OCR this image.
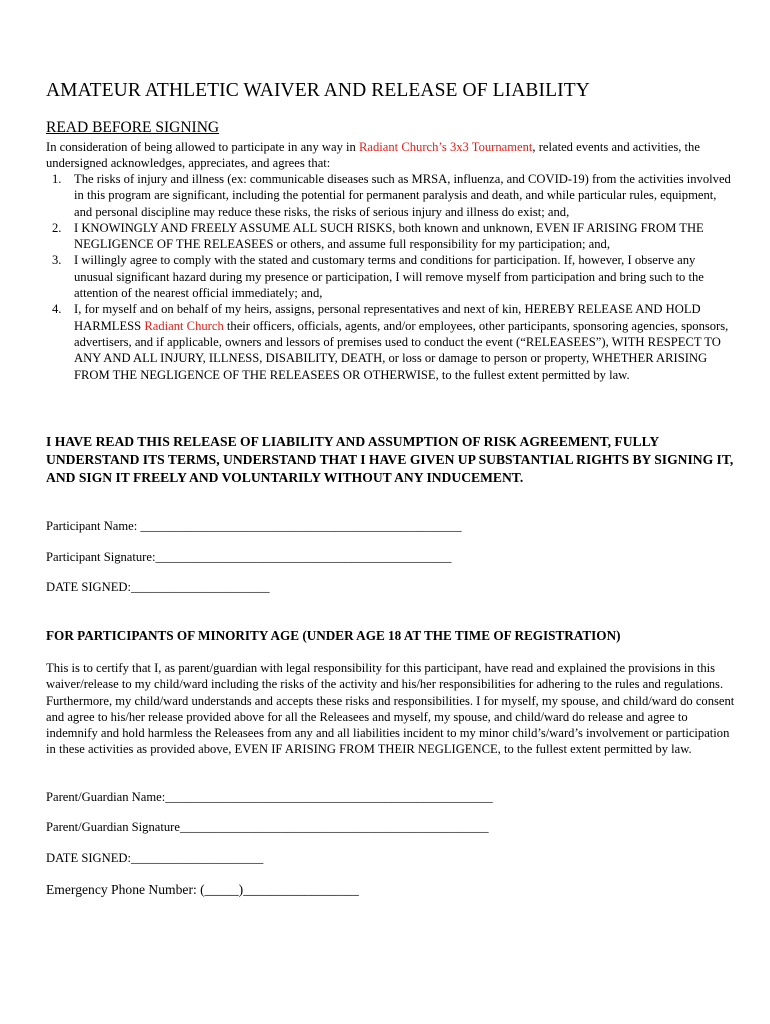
AMATEUR ATHLETIC WAIVER AND RELEASE OF LIABILITY
READ BEFORE SIGNING
In consideration of being allowed to participate in any way in Radiant Church’s 3x3 Tournament, related events and activities, the undersigned acknowledges, appreciates, and agrees that:
1. The risks of injury and illness (ex: communicable diseases such as MRSA, influenza, and COVID-19) from the activities involved in this program are significant, including the potential for permanent paralysis and death, and while particular rules, equipment, and personal discipline may reduce these risks, the risks of serious injury and illness do exist; and,
2. I KNOWINGLY AND FREELY ASSUME ALL SUCH RISKS, both known and unknown, EVEN IF ARISING FROM THE NEGLIGENCE OF THE RELEASEES or others, and assume full responsibility for my participation; and,
3. I willingly agree to comply with the stated and customary terms and conditions for participation. If, however, I observe any unusual significant hazard during my presence or participation, I will remove myself from participation and bring such to the attention of the nearest official immediately; and,
4. I, for myself and on behalf of my heirs, assigns, personal representatives and next of kin, HEREBY RELEASE AND HOLD HARMLESS Radiant Church their officers, officials, agents, and/or employees, other participants, sponsoring agencies, sponsors, advertisers, and if applicable, owners and lessors of premises used to conduct the event (“RELEASEES”), WITH RESPECT TO ANY AND ALL INJURY, ILLNESS, DISABILITY, DEATH, or loss or damage to person or property, WHETHER ARISING FROM THE NEGLIGENCE OF THE RELEASEES OR OTHERWISE, to the fullest extent permitted by law.
I HAVE READ THIS RELEASE OF LIABILITY AND ASSUMPTION OF RISK AGREEMENT, FULLY UNDERSTAND ITS TERMS, UNDERSTAND THAT I HAVE GIVEN UP SUBSTANTIAL RIGHTS BY SIGNING IT, AND SIGN IT FREELY AND VOLUNTARILY WITHOUT ANY INDUCEMENT.
Participant Name: ___________________________________________________
Participant Signature:_______________________________________________
DATE SIGNED:______________________
FOR PARTICIPANTS OF MINORITY AGE (UNDER AGE 18 AT THE TIME OF REGISTRATION)
This is to certify that I, as parent/guardian with legal responsibility for this participant, have read and explained the provisions in this waiver/release to my child/ward including the risks of the activity and his/her responsibilities for adhering to the rules and regulations. Furthermore, my child/ward understands and accepts these risks and responsibilities. I for myself, my spouse, and child/ward do consent and agree to his/her release provided above for all the Releasees and myself, my spouse, and child/ward do release and agree to indemnify and hold harmless the Releasees from any and all liabilities incident to my minor child’s/ward’s involvement or participation in these activities as provided above, EVEN IF ARISING FROM THEIR NEGLIGENCE, to the fullest extent permitted by law.
Parent/Guardian Name:____________________________________________________
Parent/Guardian Signature_________________________________________________
DATE SIGNED:_____________________
Emergency Phone Number: (_____)_________________
